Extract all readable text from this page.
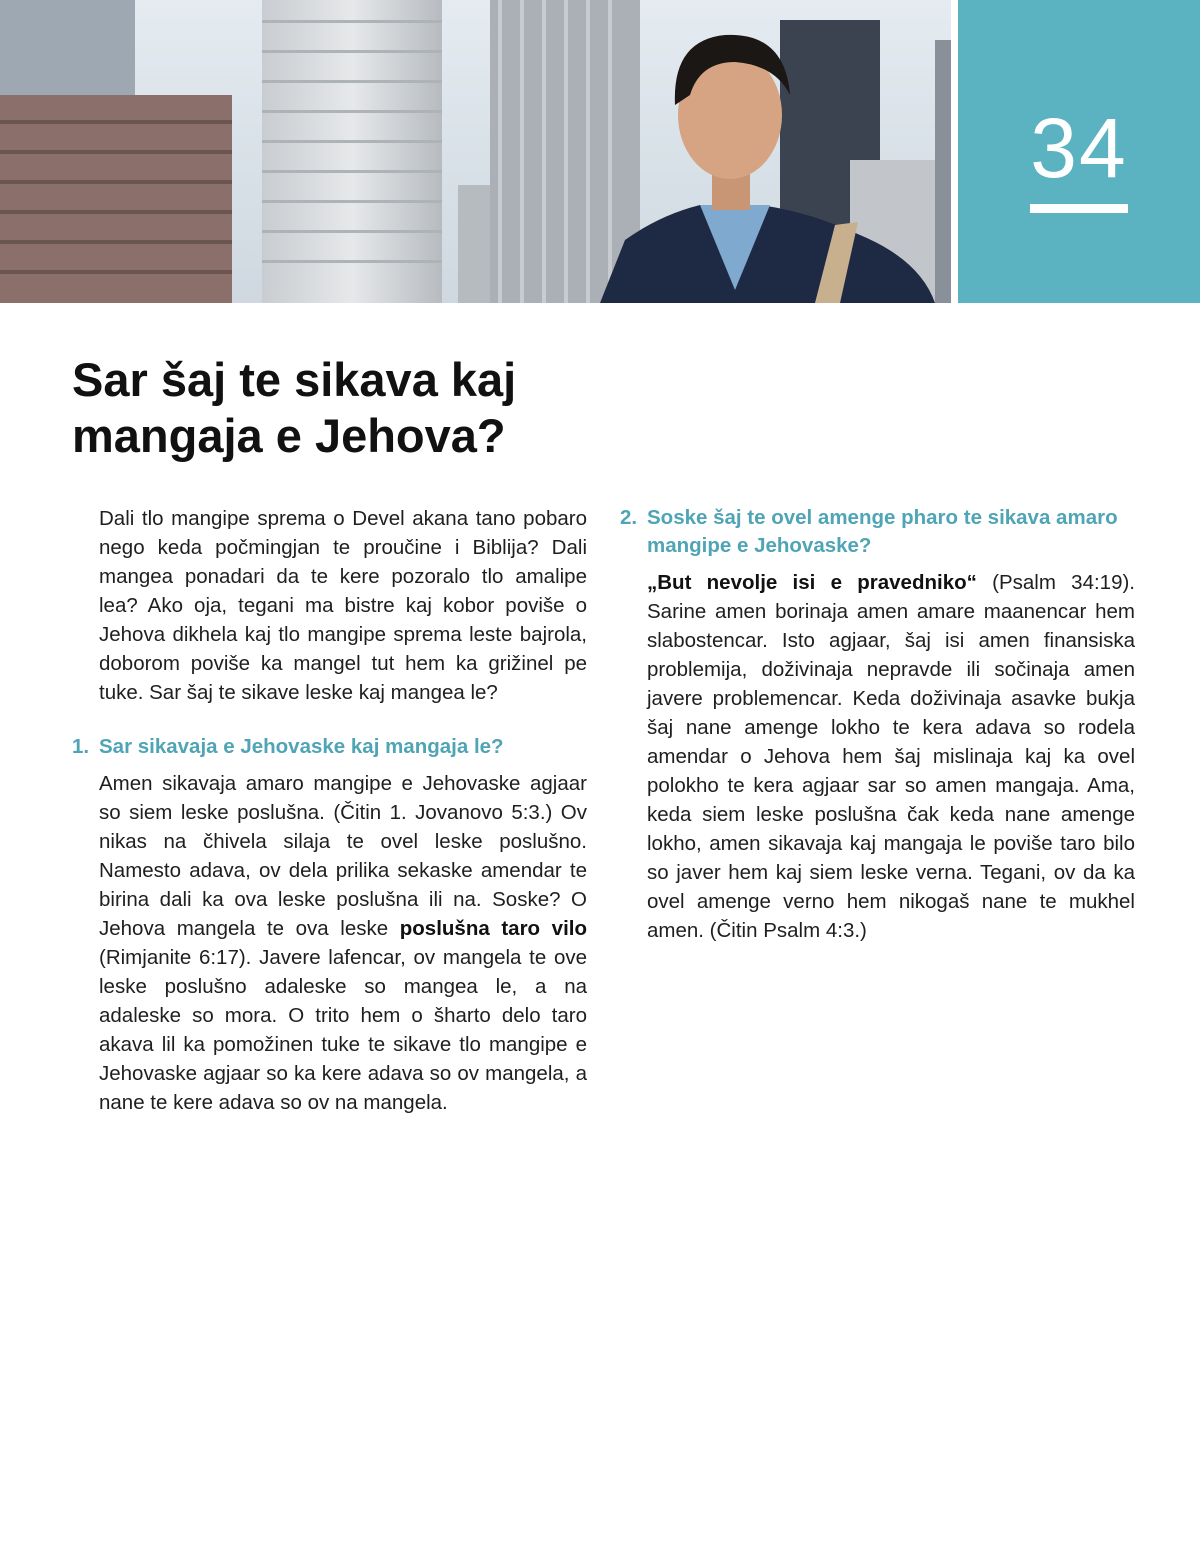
34
Sar šaj te sikava kaj mangaja e Jehova?

Dali tlo mangipe sprema o Devel akana tano pobaro nego keda počmingjan te proučine i Biblija? Dali mangea ponadari da te kere pozoralo tlo amalipe lea? Ako oja, tegani ma bistre kaj kobor poviše o Jehova dikhela kaj tlo mangipe sprema leste bajrola, doborom poviše ka mangel tut hem ka grižinel pe tuke. Sar šaj te sikave leske kaj mangea le?

1. Sar sikavaja e Jehovaske kaj mangaja le?

Amen sikavaja amaro mangipe e Jehovaske agjaar so siem leske poslušna. (Čitin 1. Jovanovo 5:3.) Ov nikas na čhivela silaja te ovel leske poslušno. Namesto adava, ov dela prilika sekaske amendar te birina dali ka ova leske poslušna ili na. Soske? O Jehova mangela te ova leske poslušna taro vilo (Rimjanite 6:17). Javere lafencar, ov mangela te ove leske poslušno adaleske so mangea le, a na adaleske so mora. O trito hem o šharto delo taro akava lil ka pomožinen tuke te sikave tlo mangipe e Jehovaske agjaar so ka kere adava so ov mangela, a nane te kere adava so ov na mangela.

2. Soske šaj te ovel amenge pharo te sikava amaro mangipe e Jehovaske?

„But nevolje isi e pravedniko“ (Psalm 34:19). Sarine amen borinaja amen amare maanencar hem slabostencar. Isto agjaar, šaj isi amen finansiska problemija, doživinaja nepravde ili sočinaja amen javere problemencar. Keda doživinaja asavke bukja šaj nane amenge lokho te kera adava so rodela amendar o Jehova hem šaj mislinaja kaj ka ovel polokho te kera agjaar sar so amen mangaja. Ama, keda siem leske poslušna čak keda nane amenge lokho, amen sikavaja kaj mangaja le poviše taro bilo so javer hem kaj siem leske verna. Tegani, ov da ka ovel amenge verno hem nikogaš nane te mukhel amen. (Čitin Psalm 4:3.)
